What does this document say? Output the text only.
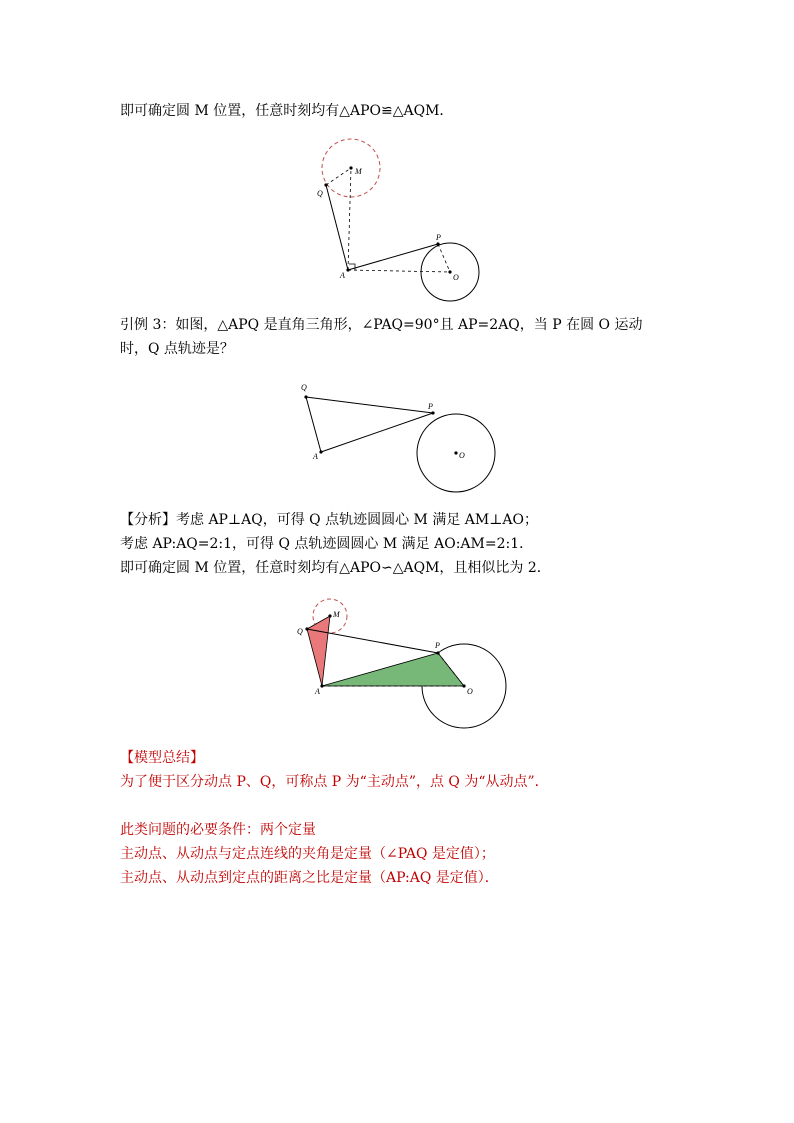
即可确定圆 M 位置，任意时刻均有△APO≌△AQM．
A
Q
M
P
O
引例 3：如图，△APQ 是直角三角形，∠PAQ=90°且 AP=2AQ，当 P 在圆 O 运动
时，Q 点轨迹是？
Q
A
P
O
【分析】考虑 AP⊥AQ，可得 Q 点轨迹圆圆心 M 满足 AM⊥AO；
考虑 AP:AQ=2:1，可得 Q 点轨迹圆圆心 M 满足 AO:AM=2:1．
即可确定圆 M 位置，任意时刻均有△APO∽△AQM，且相似比为 2．
A
Q
M
P
O
【模型总结】
为了便于区分动点 P、Q，可称点 P 为“主动点”，点 Q 为“从动点”．
此类问题的必要条件：两个定量
主动点、从动点与定点连线的夹角是定量（∠PAQ 是定值）；
主动点、从动点到定点的距离之比是定量（AP:AQ 是定值）．
